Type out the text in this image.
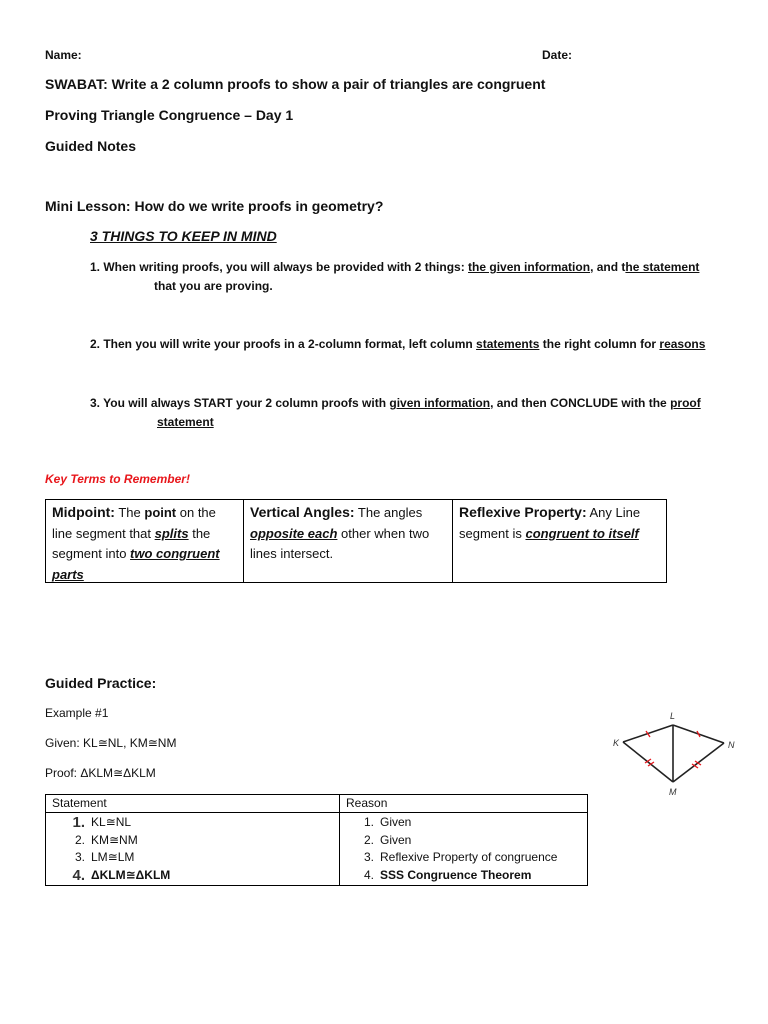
Name:	Date:
SWABAT: Write a 2 column proofs to show a pair of triangles are congruent
Proving Triangle Congruence – Day 1
Guided Notes
Mini Lesson: How do we write proofs in geometry?
3 THINGS TO KEEP IN MIND
1. When writing proofs, you will always be provided with 2 things: the given information, and the statement
that you are proving.
2. Then you will write your proofs in a 2-column format, left column statements the right column for reasons
3. You will always START your 2 column proofs with given information, and then CONCLUDE with the proof
statement
Key Terms to Remember!
Midpoint: The point on the line segment that splits the segment into two congruent parts
Vertical Angles: The angles opposite each other when two lines intersect.
Reflexive Property: Any Line segment is congruent to itself
Guided Practice:
Example #1
Given: KL≅NL, KM≅NM
Proof: ΔKLM≅ΔKLM
K
L
N
M
Statement	Reason
1. KL≅NL
2. KM≅NM
3. LM≅LM
4. ΔKLM≅ΔKLM
1. Given
2. Given
3. Reflexive Property of congruence
4. SSS Congruence Theorem
